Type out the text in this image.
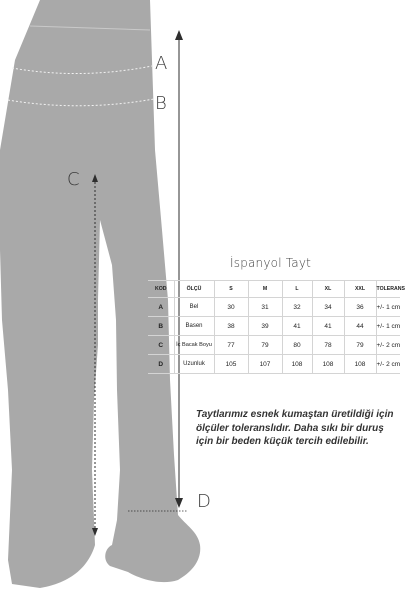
A
B
C
D
İspanyol Tayt
KOD	ÖLÇÜ	S	M	L	XL	XXL	TOLERANS
A	Bel	30	31	32	34	36	+/- 1 cm
B	Basen	38	39	41	41	44	+/- 1 cm
C	İç Bacak Boyu	77	79	80	78	79	+/- 2 cm
D	Uzunluk	105	107	108	108	108	+/- 2 cm
Taytlarımız esnek kumaştan üretildiği için
ölçüler toleranslıdır. Daha sıkı bir duruş
için bir beden küçük tercih edilebilir.
